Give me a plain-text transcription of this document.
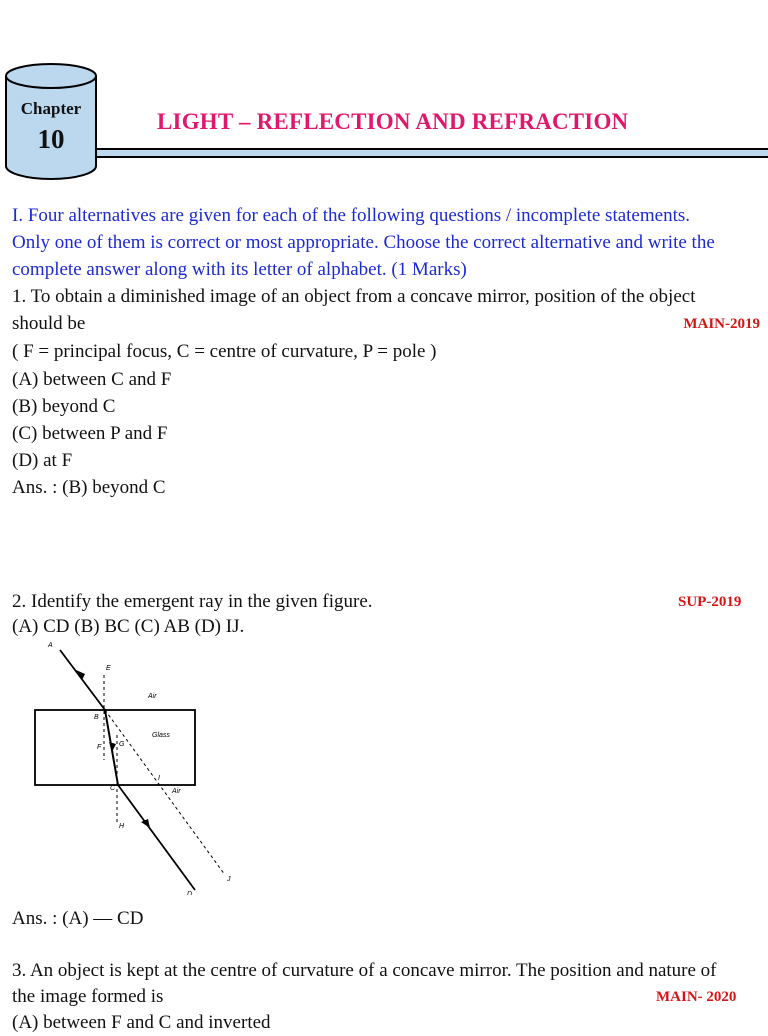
Chapter
10
LIGHT – REFLECTION AND REFRACTION
I. Four alternatives are given for each of the following questions / incomplete statements.
Only one of them is correct or most appropriate. Choose the correct alternative and write the
complete answer along with its letter of alphabet. (1 Marks)
1. To obtain a diminished image of an object from a concave mirror, position of the object
should be	MAIN-2019
( F = principal focus, C = centre of curvature, P = pole )
(A) between C and F
(B) beyond C
(C) between P and F
(D) at F
Ans. : (B) beyond C
2. Identify the emergent ray in the given figure.	SUP-2019
(A) CD (B) BC (C) AB (D) IJ.
A
E
Air
B
Glass
F	G
I
C	Air
H
D
J
Ans. : (A) — CD
3. An object is kept at the centre of curvature of a concave mirror. The position and nature of
the image formed is	MAIN- 2020
(A) between F and C and inverted
